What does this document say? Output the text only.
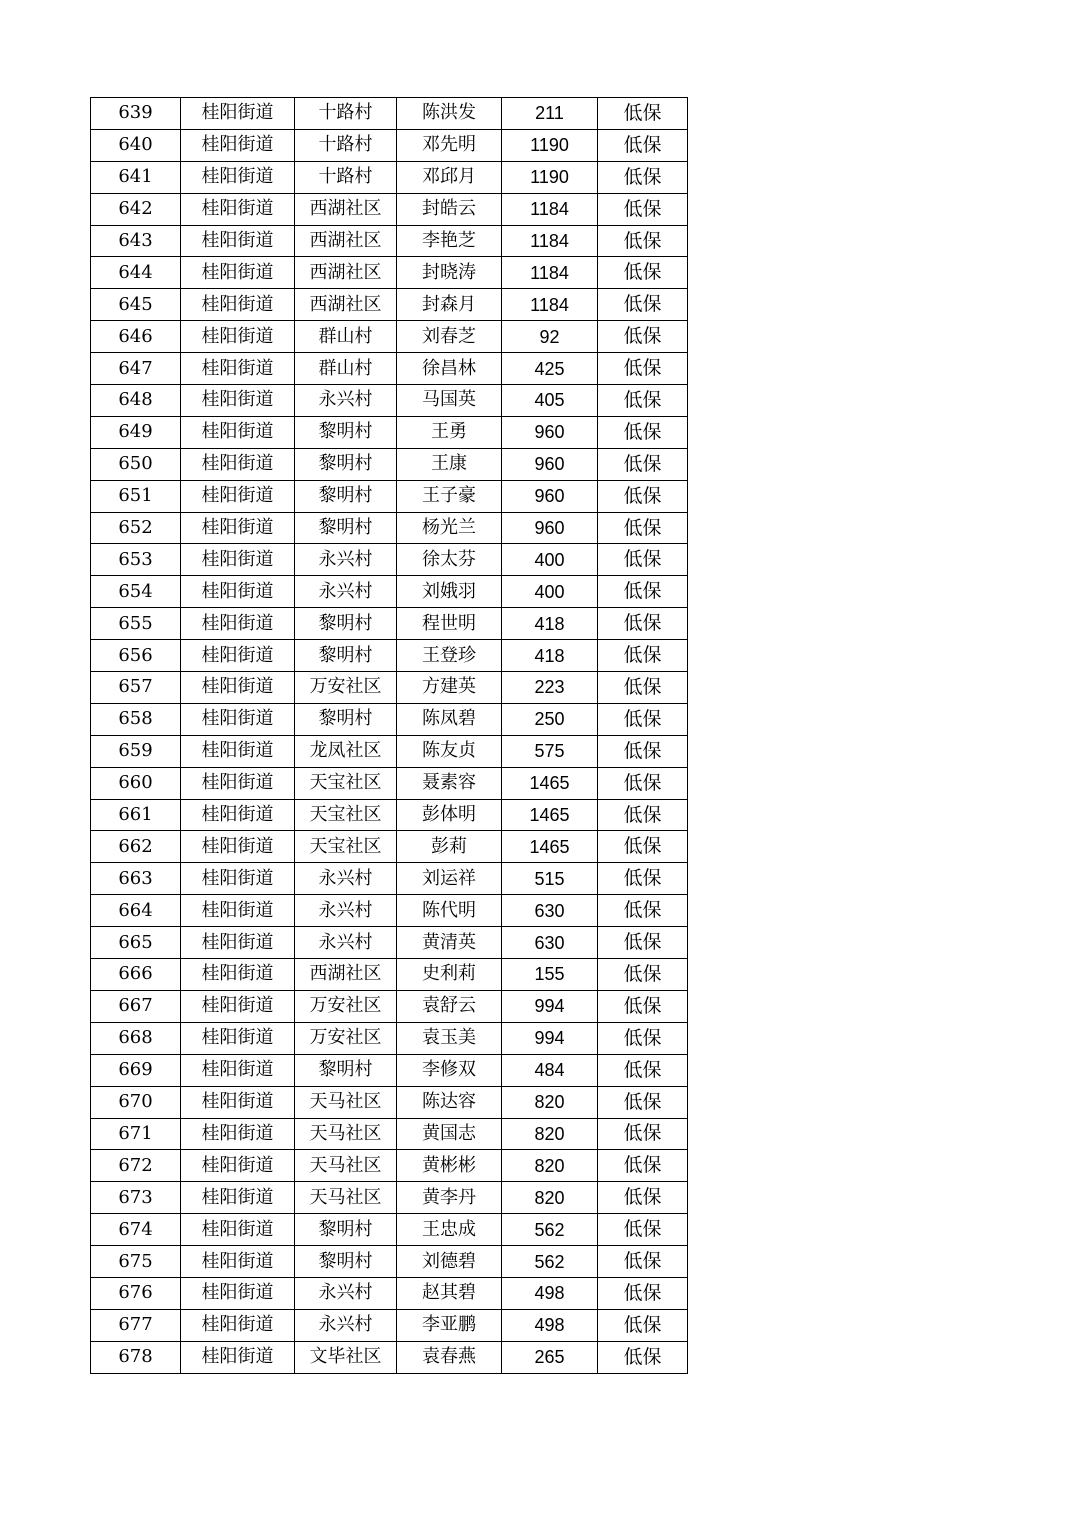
639	桂阳街道	十路村	陈洪发	211	低保
640	桂阳街道	十路村	邓先明	1190	低保
641	桂阳街道	十路村	邓邱月	1190	低保
642	桂阳街道	西湖社区	封皓云	1184	低保
643	桂阳街道	西湖社区	李艳芝	1184	低保
644	桂阳街道	西湖社区	封晓涛	1184	低保
645	桂阳街道	西湖社区	封森月	1184	低保
646	桂阳街道	群山村	刘春芝	92	低保
647	桂阳街道	群山村	徐昌林	425	低保
648	桂阳街道	永兴村	马国英	405	低保
649	桂阳街道	黎明村	王勇	960	低保
650	桂阳街道	黎明村	王康	960	低保
651	桂阳街道	黎明村	王子豪	960	低保
652	桂阳街道	黎明村	杨光兰	960	低保
653	桂阳街道	永兴村	徐太芬	400	低保
654	桂阳街道	永兴村	刘娥羽	400	低保
655	桂阳街道	黎明村	程世明	418	低保
656	桂阳街道	黎明村	王登珍	418	低保
657	桂阳街道	万安社区	方建英	223	低保
658	桂阳街道	黎明村	陈凤碧	250	低保
659	桂阳街道	龙凤社区	陈友贞	575	低保
660	桂阳街道	天宝社区	聂素容	1465	低保
661	桂阳街道	天宝社区	彭体明	1465	低保
662	桂阳街道	天宝社区	彭莉	1465	低保
663	桂阳街道	永兴村	刘运祥	515	低保
664	桂阳街道	永兴村	陈代明	630	低保
665	桂阳街道	永兴村	黄清英	630	低保
666	桂阳街道	西湖社区	史利莉	155	低保
667	桂阳街道	万安社区	袁舒云	994	低保
668	桂阳街道	万安社区	袁玉美	994	低保
669	桂阳街道	黎明村	李修双	484	低保
670	桂阳街道	天马社区	陈达容	820	低保
671	桂阳街道	天马社区	黄国志	820	低保
672	桂阳街道	天马社区	黄彬彬	820	低保
673	桂阳街道	天马社区	黄李丹	820	低保
674	桂阳街道	黎明村	王忠成	562	低保
675	桂阳街道	黎明村	刘德碧	562	低保
676	桂阳街道	永兴村	赵其碧	498	低保
677	桂阳街道	永兴村	李亚鹏	498	低保
678	桂阳街道	文毕社区	袁春燕	265	低保
